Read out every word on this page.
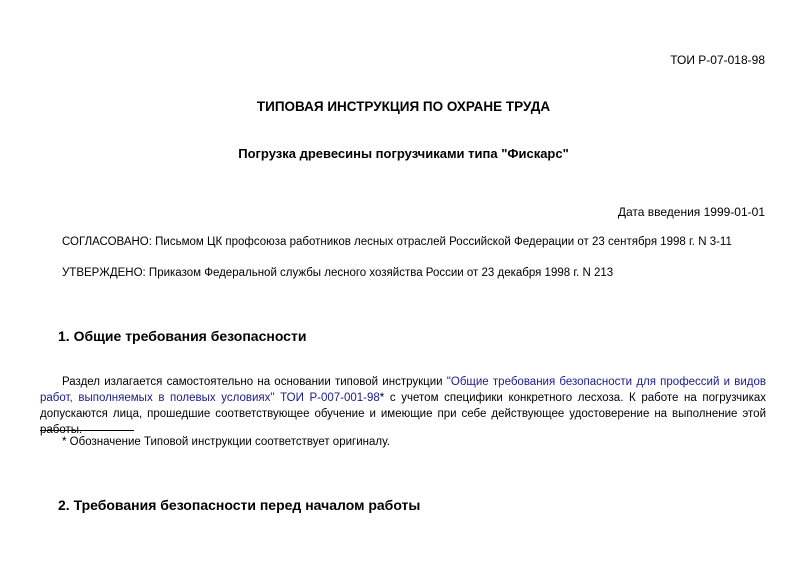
ТОИ Р-07-018-98
ТИПОВАЯ ИНСТРУКЦИЯ ПО ОХРАНЕ ТРУДА
Погрузка древесины погрузчиками типа "Фискарс"
Дата введения 1999-01-01
СОГЛАСОВАНО: Письмом ЦК профсоюза работников лесных отраслей Российской Федерации от 23 сентября 1998 г. N 3-11
УТВЕРЖДЕНО: Приказом Федеральной службы лесного хозяйства России от 23 декабря 1998 г. N 213
1. Общие требования безопасности
Раздел излагается самостоятельно на основании типовой инструкции "Общие требования безопасности для профессий и видов работ, выполняемых в полевых условиях" ТОИ Р-007-001-98* с учетом специфики конкретного лесхоза. К работе на погрузчиках допускаются лица, прошедшие соответствующее обучение и имеющие при себе действующее удостоверение на выполнение этой работы.
* Обозначение Типовой инструкции соответствует оригиналу.
2. Требования безопасности перед началом работы
